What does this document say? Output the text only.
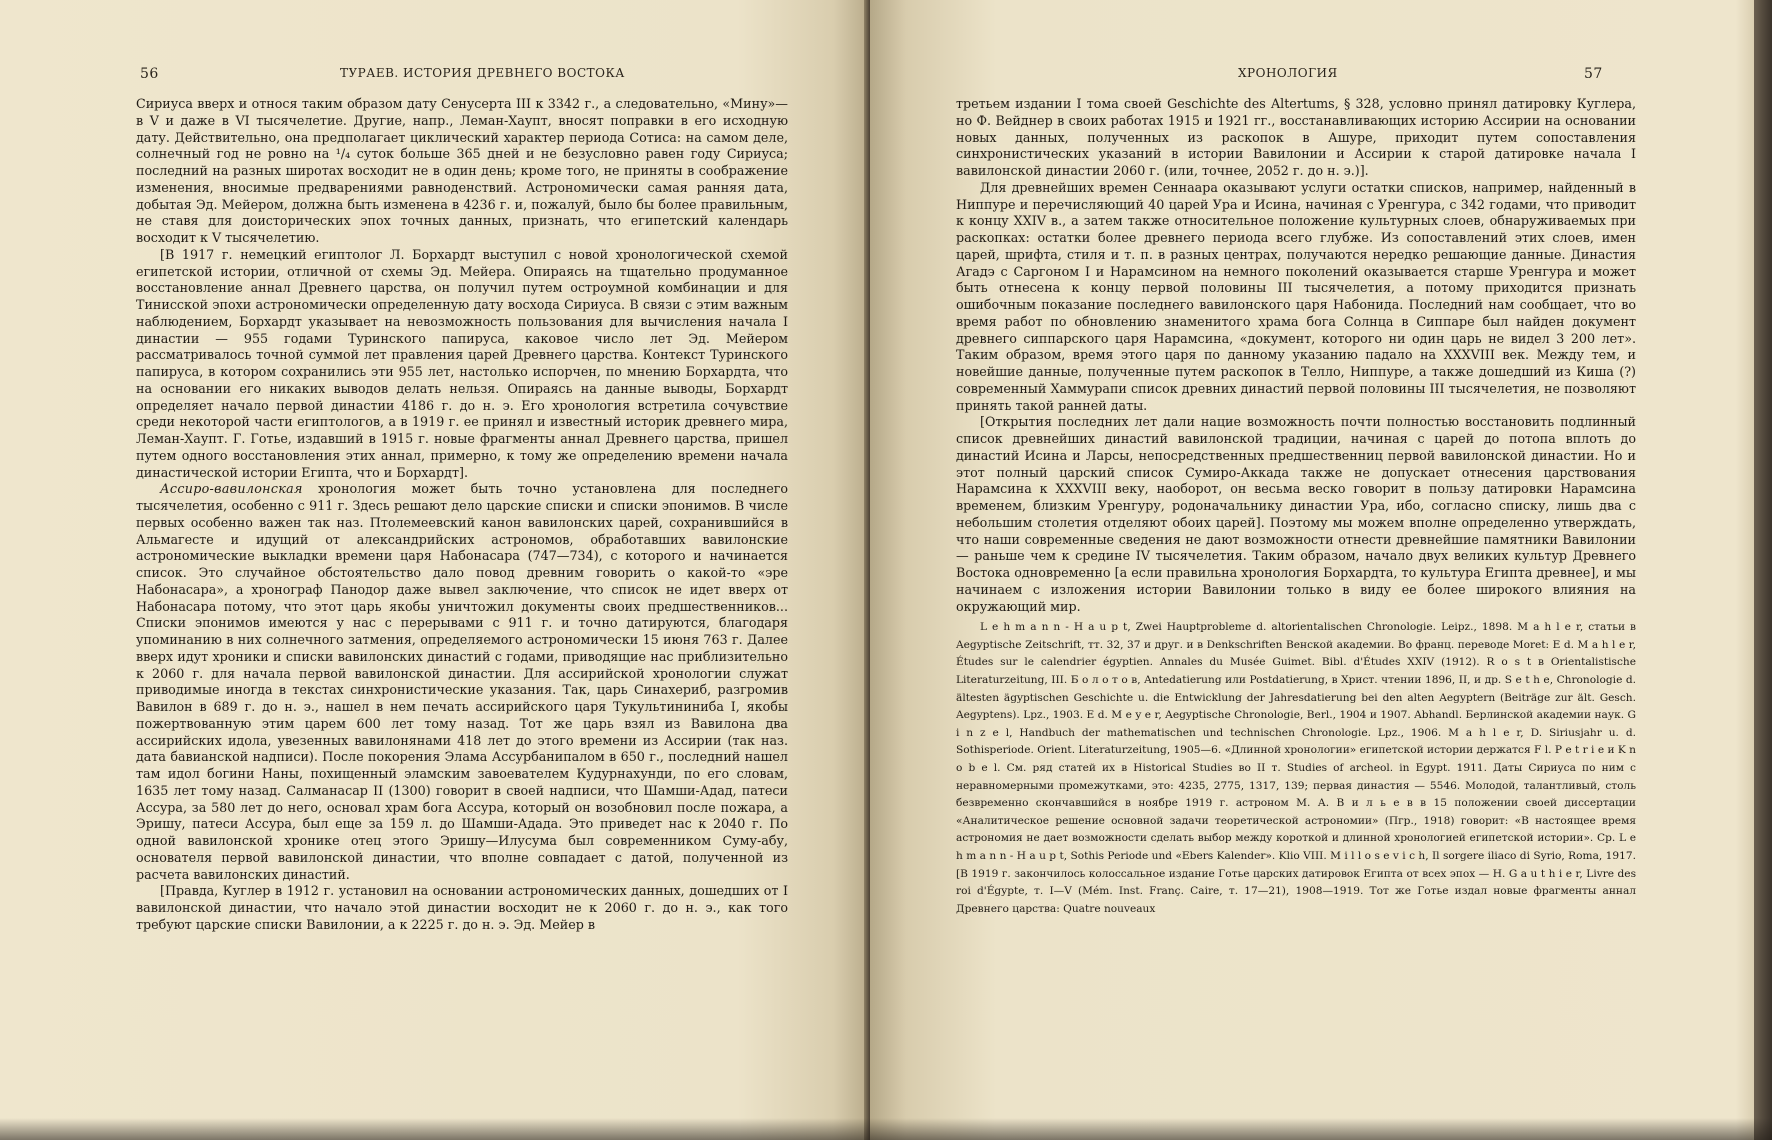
56	ТУРАЕВ. ИСТОРИЯ ДРЕВНЕГО ВОСТОКА

Сириуса вверх и относя таким образом дату Сенусерта III к 3342 г., а следовательно, «Мину»—в V и даже в VI тысячелетие. Другие, напр., Леман-Хаупт, вносят поправки в его исходную дату. Действительно, она предполагает циклический характер периода Сотиса: на самом деле, солнечный год не ровно на ¹/₄ суток больше 365 дней и не безусловно равен году Сириуса; последний на разных широтах восходит не в один день; кроме того, не приняты в соображение изменения, вносимые предварениями равноденствий. Астрономически самая ранняя дата, добытая Эд. Мейером, должна быть изменена в 4236 г. и, пожалуй, было бы более правильным, не ставя для доисторических эпох точных данных, признать, что египетский календарь восходит к V тысячелетию.

[В 1917 г. немецкий египтолог Л. Борхардт выступил с новой хронологической схемой египетской истории, отличной от схемы Эд. Мейера. Опираясь на тщательно продуманное восстановление аннал Древнего царства, он получил путем остроумной комбинации и для Тинисской эпохи астрономически определенную дату восхода Сириуса. В связи с этим важным наблюдением, Борхардт указывает на невозможность пользования для вычисления начала I династии — 955 годами Туринского папируса, каковое число лет Эд. Мейером рассматривалось точной суммой лет правления царей Древнего царства. Контекст Туринского папируса, в котором сохранились эти 955 лет, настолько испорчен, по мнению Борхардта, что на основании его никаких выводов делать нельзя. Опираясь на данные выводы, Борхардт определяет начало первой династии 4186 г. до н. э. Его хронология встретила сочувствие среди некоторой части египтологов, а в 1919 г. ее принял и известный историк древнего мира, Леман-Хаупт. Г. Готье, издавший в 1915 г. новые фрагменты аннал Древнего царства, пришел путем одного восстановления этих аннал, примерно, к тому же определению времени начала династической истории Египта, что и Борхардт].

Ассиро-вавилонская хронология может быть точно установлена для последнего тысячелетия, особенно с 911 г. Здесь решают дело царские списки и списки эпонимов. В числе первых особенно важен так наз. Птолемеевский канон вавилонских царей, сохранившийся в Альмагесте и идущий от александрийских астрономов, обработавших вавилонские астрономические выкладки времени царя Набонасара (747—734), с которого и начинается список. Это случайное обстоятельство дало повод древним говорить о какой-то «эре Набонасара», а хронограф Панодор даже вывел заключение, что список не идет вверх от Набонасара потому, что этот царь якобы уничтожил документы своих предшественников... Списки эпонимов имеются у нас с перерывами с 911 г. и точно датируются, благодаря упоминанию в них солнечного затмения, определяемого астрономически 15 июня 763 г. Далее вверх идут хроники и списки вавилонских династий с годами, приводящие нас приблизительно к 2060 г. для начала первой вавилонской династии. Для ассирийской хронологии служат приводимые иногда в текстах синхронистические указания. Так, царь Синахериб, разгромив Вавилон в 689 г. до н. э., нашел в нем печать ассирийского царя Тукультининиба I, якобы пожертвованную этим царем 600 лет тому назад. Тот же царь взял из Вавилона два ассирийских идола, увезенных вавилонянами 418 лет до этого времени из Ассирии (так наз. дата бавианской надписи). После покорения Элама Ассурбанипалом в 650 г., последний нашел там идол богини Наны, похищенный эламским завоевателем Кудурнахунди, по его словам, 1635 лет тому назад. Салманасар II (1300) говорит в своей надписи, что Шамши-Адад, патеси Ассура, за 580 лет до него, основал храм бога Ассура, который он возобновил после пожара, а Эришу, патеси Ассура, был еще за 159 л. до Шамши-Адада. Это приведет нас к 2040 г. По одной вавилонской хронике отец этого Эришу—Илусума был современником Суму-абу, основателя первой вавилонской династии, что вполне совпадает с датой, полученной из расчета вавилонских династий.

[Правда, Куглер в 1912 г. установил на основании астрономических данных, дошедших от I вавилонской династии, что начало этой династии восходит не к 2060 г. до н. э., как того требуют царские списки Вавилонии, а к 2225 г. до н. э. Эд. Мейер в

ХРОНОЛОГИЯ	57

третьем издании I тома своей Geschichte des Altertums, § 328, условно принял датировку Куглера, но Ф. Вейднер в своих работах 1915 и 1921 гг., восстанавливающих историю Ассирии на основании новых данных, полученных из раскопок в Ашуре, приходит путем сопоставления синхронистических указаний в истории Вавилонии и Ассирии к старой датировке начала I вавилонской династии 2060 г. (или, точнее, 2052 г. до н. э.)].

Для древнейших времен Сеннаара оказывают услуги остатки списков, например, найденный в Ниппуре и перечисляющий 40 царей Ура и Исина, начиная с Уренгура, с 342 годами, что приводит к концу XXIV в., а затем также относительное положение культурных слоев, обнаруживаемых при раскопках: остатки более древнего периода всего глубже. Из сопоставлений этих слоев, имен царей, шрифта, стиля и т. п. в разных центрах, получаются нередко решающие данные. Династия Агадэ с Саргоном I и Нарамсином на немного поколений оказывается старше Уренгура и может быть отнесена к концу первой половины III тысячелетия, а потому приходится признать ошибочным показание последнего вавилонского царя Набонида. Последний нам сообщает, что во время работ по обновлению знаменитого храма бога Солнца в Сиппаре был найден документ древнего сиппарского царя Нарамсина, «документ, которого ни один царь не видел 3 200 лет». Таким образом, время этого царя по данному указанию падало на XXXVIII век. Между тем, и новейшие данные, полученные путем раскопок в Телло, Ниппуре, а также дошедший из Киша (?) современный Хаммурапи список древних династий первой половины III тысячелетия, не позволяют принять такой ранней даты.

[Открытия последних лет дали нацие возможность почти полностью восстановить подлинный список древнейших династий вавилонской традиции, начиная с царей до потопа вплоть до династий Исина и Ларсы, непосредственных предшественниц первой вавилонской династии. Но и этот полный царский список Сумиро-Аккада также не допускает отнесения царствования Нарамсина к XXXVIII веку, наоборот, он весьма веско говорит в пользу датировки Нарамсина временем, близким Уренгуру, родоначальнику династии Ура, ибо, согласно списку, лишь два с небольшим столетия отделяют обоих царей]. Поэтому мы можем вполне определенно утверждать, что наши современные сведения не дают возможности отнести древнейшие памятники Вавилонии — раньше чем к средине IV тысячелетия. Таким образом, начало двух великих культур Древнего Востока одновременно [а если правильна хронология Борхардта, то культура Египта древнее], и мы начинаем с изложения истории Вавилонии только в виду ее более широкого влияния на окружающий мир.

L e h m a n n - H a u p t, Zwei Hauptprobleme d. altorientalischen Chronologie. Leipz., 1898. M a h l e r, статьи в Aegyptische Zeitschrift, тт. 32, 37 и друг. и в Denkschriften Венской академии. Во франц. переводе Moret: E d. M a h l e r, Études sur le calendrier égyptien. Annales du Musée Guimet. Bibl. d'Études XXIV (1912). R o s t в Orientalistische Literaturzeitung, III. Б о л о т о в, Antedatierung или Postdatierung, в Христ. чтении 1896, II, и др. S e t h e, Chronologie d. ältesten ägyptischen Geschichte u. die Entwicklung der Jahresdatierung bei den alten Aegyptern (Beiträge zur ält. Gesch. Aegyptens). Lpz., 1903. E d. M e y e r, Aegyptische Chronologie, Berl., 1904 и 1907. Abhandl. Берлинской академии наук. G i n z e l, Handbuch der mathematischen und technischen Chronologie. Lpz., 1906. M a h l e r, D. Siriusjahr u. d. Sothisperiode. Orient. Literaturzeitung, 1905—6. «Длинной хронологии» египетской истории держатся F l. P e t r i e и K n o b e l. См. ряд статей их в Historical Studies во II т. Studies of archeol. in Egypt. 1911. Даты Сириуса по ним с неравномерными промежутками, это: 4235, 2775, 1317, 139; первая династия — 5546. Молодой, талантливый, столь безвременно скончавшийся в ноябре 1919 г. астроном М. А. В и л ь е в в 15 положении своей диссертации «Аналитическое решение основной задачи теоретической астрономии» (Пгр., 1918) говорит: «В настоящее время астрономия не дает возможности сделать выбор между короткой и длинной хронологией египетской истории». Ср. L e h m a n n - H a u p t, Sothis Periode und «Ebers Kalender». Klio VIII. M i l l o s e v i c h, Il sorgere iliaco di Syrio, Roma, 1917. [В 1919 г. закончилось колоссальное издание Готье царских датировок Египта от всех эпох — H. G a u t h i e r, Livre des roi d'Égypte, т. I—V (Mém. Inst. Franç. Caire, т. 17—21), 1908—1919. Тот же Готье издал новые фрагменты аннал Древнего царства: Quatre nouveaux
